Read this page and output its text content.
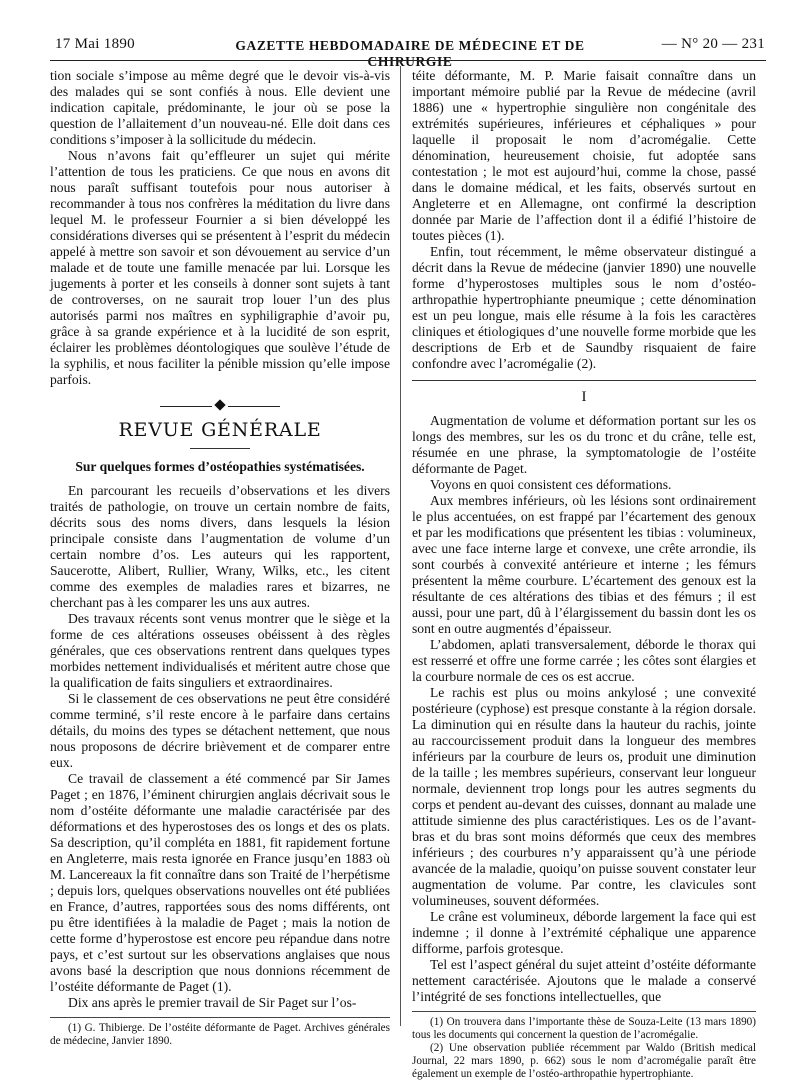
17 Mai 1890	GAZETTE HEBDOMADAIRE DE MÉDECINE ET DE CHIRURGIE
— N° 20 — 231

tion sociale s’impose au même degré que le devoir vis-à-vis des malades qui se sont confiés à nous. Elle devient une indication capitale, prédominante, le jour où se pose la question de l’allaitement d’un nouveau-né. Elle doit dans ces conditions s’imposer à la sollicitude du médecin.

Nous n’avons fait qu’effleurer un sujet qui mérite l’attention de tous les praticiens. Ce que nous en avons dit nous paraît suffisant toutefois pour nous autoriser à recommander à tous nos confrères la méditation du livre dans lequel M. le professeur Fournier a si bien développé les considérations diverses qui se présentent à l’esprit du médecin appelé à mettre son savoir et son dévouement au service d’un malade et de toute une famille menacée par lui. Lorsque les jugements à porter et les conseils à donner sont sujets à tant de controverses, on ne saurait trop louer l’un des plus autorisés parmi nos maîtres en syphiligraphie d’avoir pu, grâce à sa grande expérience et à la lucidité de son esprit, éclairer les problèmes déontologiques que soulève l’étude de la syphilis, et nous faciliter la pénible mission qu’elle impose parfois.

REVUE GÉNÉRALE
Sur quelques formes d’ostéopathies systématisées.

En parcourant les recueils d’observations et les divers traités de pathologie, on trouve un certain nombre de faits, décrits sous des noms divers, dans lesquels la lésion principale consiste dans l’augmentation de volume d’un certain nombre d’os. Les auteurs qui les rapportent, Saucerotte, Alibert, Rullier, Wrany, Wilks, etc., les citent comme des exemples de maladies rares et bizarres, ne cherchant pas à les comparer les uns aux autres.

Des travaux récents sont venus montrer que le siège et la forme de ces altérations osseuses obéissent à des règles générales, que ces observations rentrent dans quelques types morbides nettement individualisés et méritent autre chose que la qualification de faits singuliers et extraordinaires.

Si le classement de ces observations ne peut être considéré comme terminé, s’il reste encore à le parfaire dans certains détails, du moins des types se détachent nettement, que nous nous proposons de décrire brièvement et de comparer entre eux.

Ce travail de classement a été commencé par Sir James Paget ; en 1876, l’éminent chirurgien anglais décrivait sous le nom d’ostéite déformante une maladie caractérisée par des déformations et des hyperostoses des os longs et des os plats. Sa description, qu’il compléta en 1881, fit rapidement fortune en Angleterre, mais resta ignorée en France jusqu’en 1883 où M. Lancereaux la fit connaître dans son Traité de l’herpétisme ; depuis lors, quelques observations nouvelles ont été publiées en France, d’autres, rapportées sous des noms différents, ont pu être identifiées à la maladie de Paget ; mais la notion de cette forme d’hyperostose est encore peu répandue dans notre pays, et c’est surtout sur les observations anglaises que nous avons basé la description que nous donnions récemment de l’ostéite déformante de Paget (1).

Dix ans après le premier travail de Sir Paget sur l’os-

(1) G. Thibierge. De l’ostéite déformante de Paget. Archives générales de médecine, Janvier 1890.

téite déformante, M. P. Marie faisait connaître dans un important mémoire publié par la Revue de médecine (avril 1886) une « hypertrophie singulière non congénitale des extrémités supérieures, inférieures et céphaliques » pour laquelle il proposait le nom d’acromégalie. Cette dénomination, heureusement choisie, fut adoptée sans contestation ; le mot est aujourd’hui, comme la chose, passé dans le domaine médical, et les faits, observés surtout en Angleterre et en Allemagne, ont confirmé la description donnée par Marie de l’affection dont il a édifié l’histoire de toutes pièces (1).

Enfin, tout récemment, le même observateur distingué a décrit dans la Revue de médecine (janvier 1890) une nouvelle forme d’hyperostoses multiples sous le nom d’ostéo-arthropathie hypertrophiante pneumique ; cette dénomination est un peu longue, mais elle résume à la fois les caractères cliniques et étiologiques d’une nouvelle forme morbide que les descriptions de Erb et de Saundby risquaient de faire confondre avec l’acromégalie (2).

I

Augmentation de volume et déformation portant sur les os longs des membres, sur les os du tronc et du crâne, telle est, résumée en une phrase, la symptomatologie de l’ostéite déformante de Paget.

Voyons en quoi consistent ces déformations.

Aux membres inférieurs, où les lésions sont ordinairement le plus accentuées, on est frappé par l’écartement des genoux et par les modifications que présentent les tibias : volumineux, avec une face interne large et convexe, une crête arrondie, ils sont courbés à convexité antérieure et interne ; les fémurs présentent la même courbure. L’écartement des genoux est la résultante de ces altérations des tibias et des fémurs ; il est aussi, pour une part, dû à l’élargissement du bassin dont les os sont en outre augmentés d’épaisseur.

L’abdomen, aplati transversalement, déborde le thorax qui est resserré et offre une forme carrée ; les côtes sont élargies et la courbure normale de ces os est accrue.

Le rachis est plus ou moins ankylosé ; une convexité postérieure (cyphose) est presque constante à la région dorsale. La diminution qui en résulte dans la hauteur du rachis, jointe au raccourcissement produit dans la longueur des membres inférieurs par la courbure de leurs os, produit une diminution de la taille ; les membres supérieurs, conservant leur longueur normale, deviennent trop longs pour les autres segments du corps et pendent au-devant des cuisses, donnant au malade une attitude simienne des plus caractéristiques. Les os de l’avant-bras et du bras sont moins déformés que ceux des membres inférieurs ; des courbures n’y apparaissent qu’à une période avancée de la maladie, quoiqu’on puisse souvent constater leur augmentation de volume. Par contre, les clavicules sont volumineuses, souvent déformées.

Le crâne est volumineux, déborde largement la face qui est indemne ; il donne à l’extrémité céphalique une apparence difforme, parfois grotesque.

Tel est l’aspect général du sujet atteint d’ostéite déformante nettement caractérisée. Ajoutons que le malade a conservé l’intégrité de ses fonctions intellectuelles, que

(1) On trouvera dans l’importante thèse de Souza-Leite (13 mars 1890) tous les documents qui concernent la question de l’acromégalie.

(2) Une observation publiée récemment par Waldo (British medical Journal, 22 mars 1890, p. 662) sous le nom d’acromégalie paraît être également un exemple de l’ostéo-arthropathie hypertrophiante.
